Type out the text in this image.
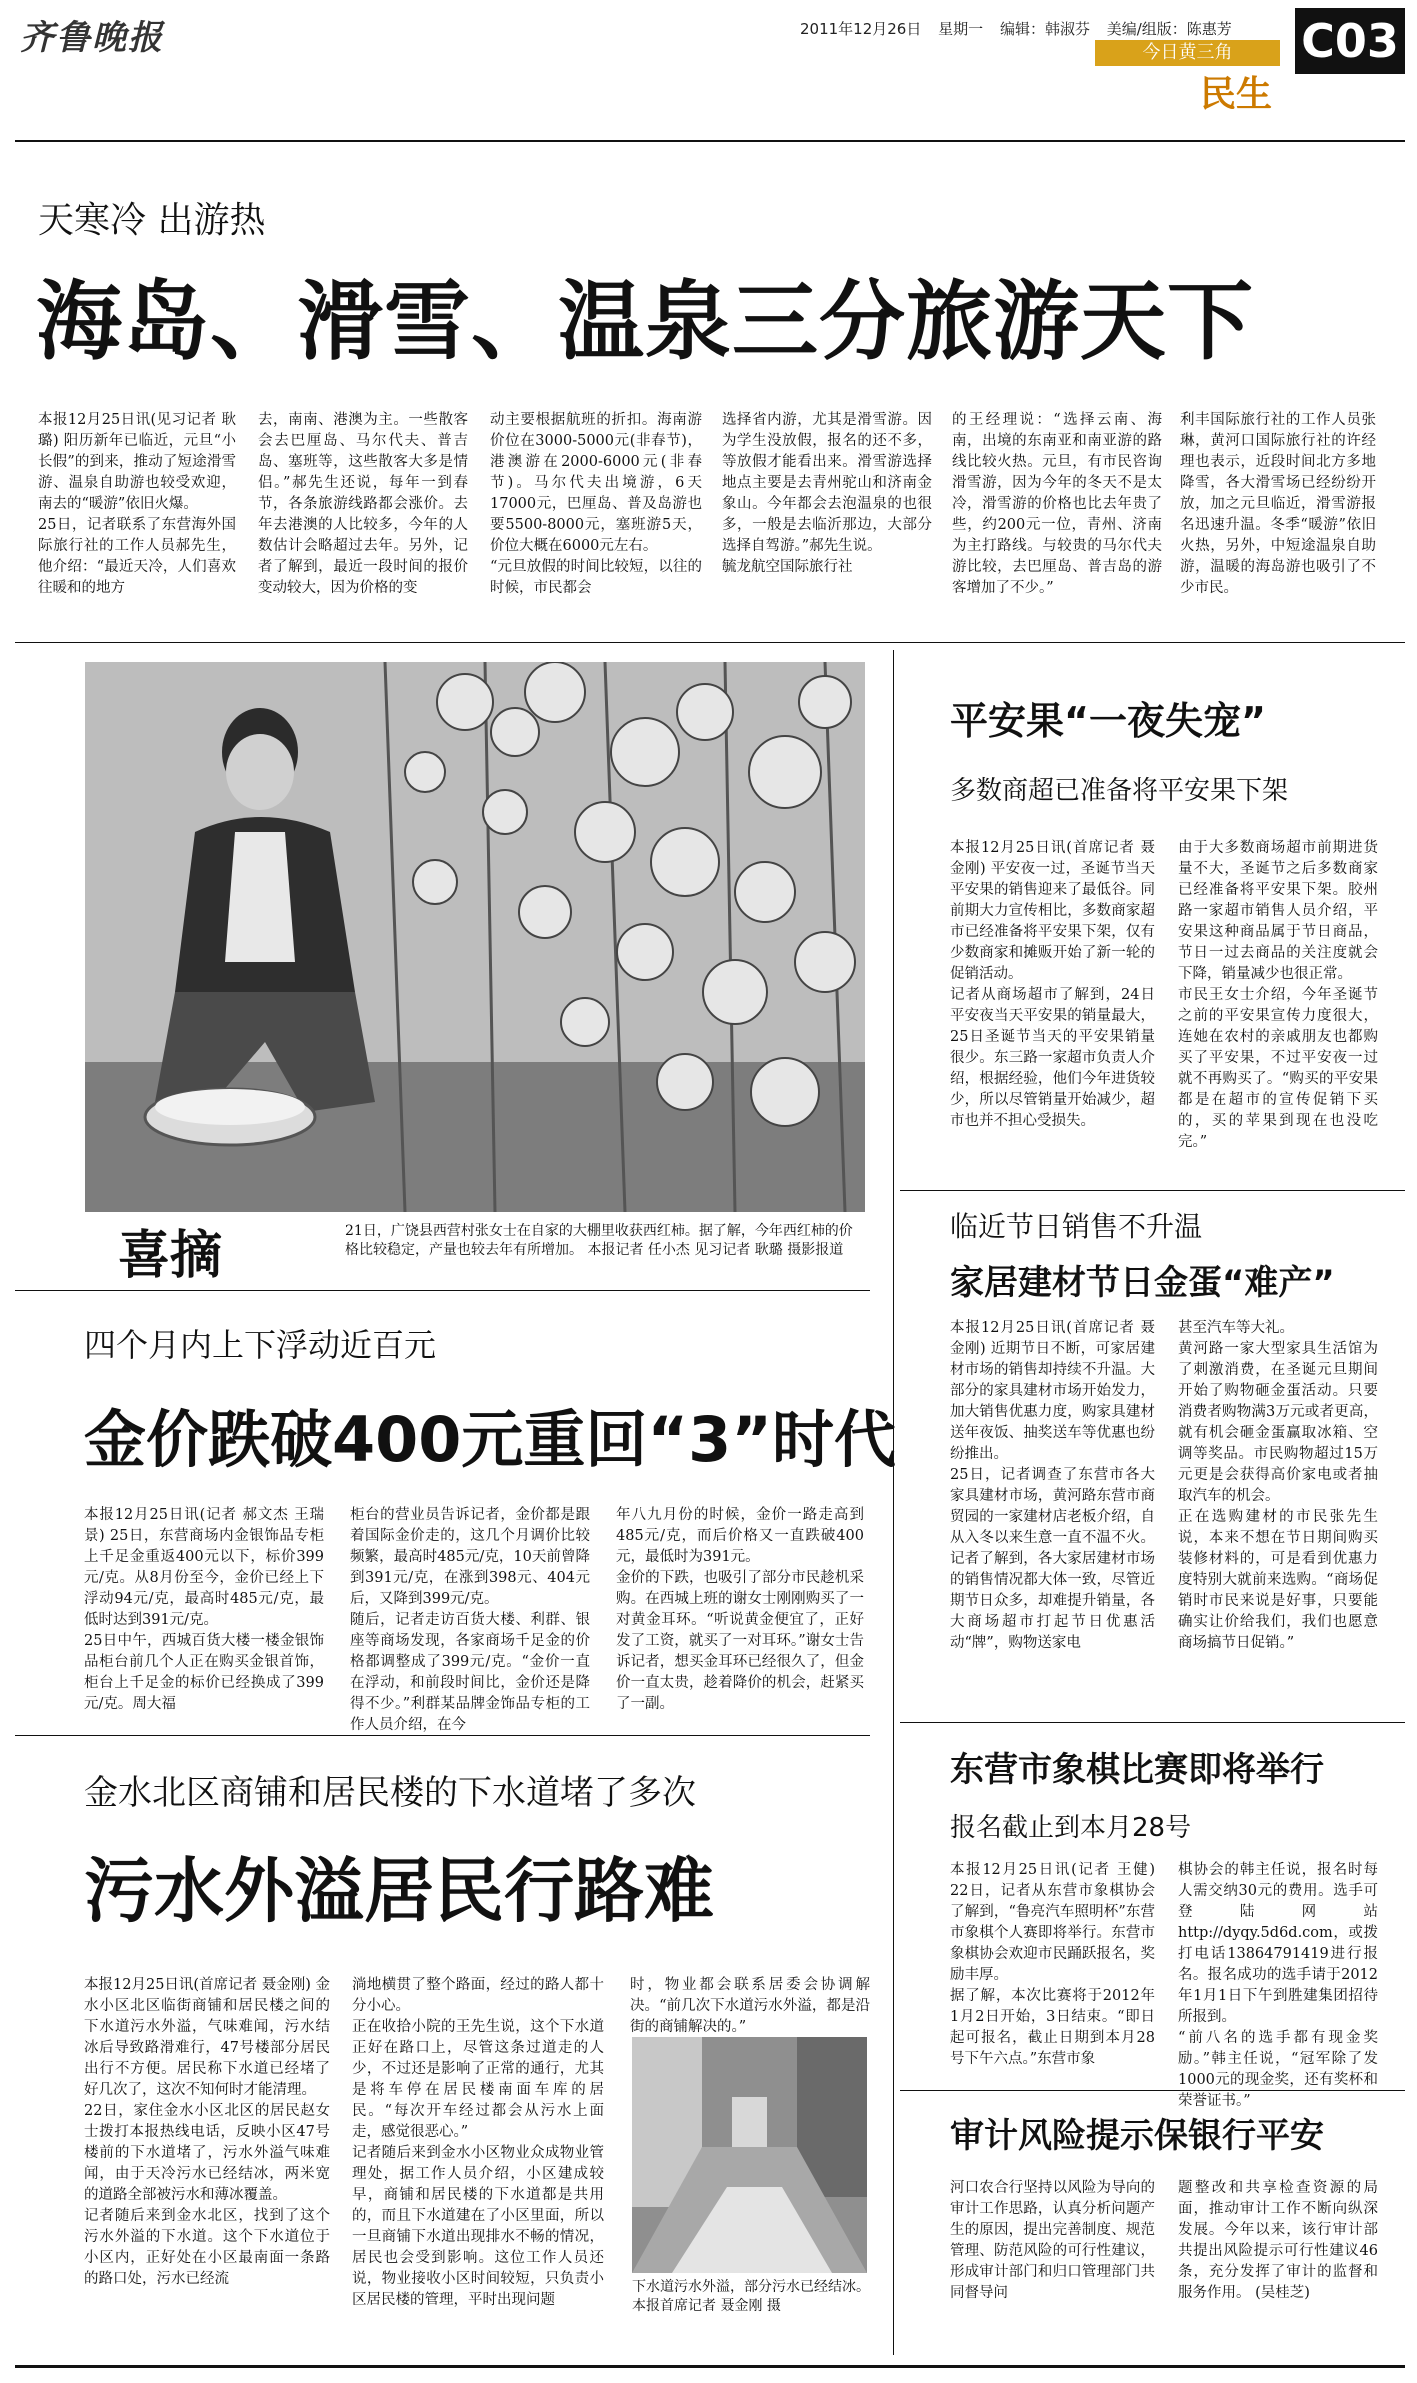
齐鲁晚报	2011年12月26日 星期一 编辑：韩淑芬 美编/组版：陈惠芳
今日黄三角
民生
C03
天寒冷 出游热
海岛、滑雪、温泉三分旅游天下
本报12月25日讯(见习记者 耿璐) 阳历新年已临近，元旦“小长假”的到来，推动了短途滑雪游、温泉自助游也较受欢迎，南去的“暖游”依旧火爆。
25日，记者联系了东营海外国际旅行社的工作人员郝先生，他介绍：“最近天冷，人们喜欢往暖和的地方
去，南南、港澳为主。一些散客会去巴厘岛、马尔代夫、普吉岛、塞班等，这些散客大多是情侣。”郝先生还说，每年一到春节，各条旅游线路都会涨价。去年去港澳的人比较多，今年的人数估计会略超过去年。另外，记者了解到，最近一段时间的报价变动较大，因为价格的变
动主要根据航班的折扣。海南游价位在3000-5000元(非春节)，港澳游在2000-6000元(非春节)。马尔代夫出境游，6天17000元，巴厘岛、普及岛游也要5500-8000元，塞班游5天，价位大概在6000元左右。
“元旦放假的时间比较短，以往的时候，市民都会
选择省内游，尤其是滑雪游。因为学生没放假，报名的还不多，等放假才能看出来。滑雪游选择地点主要是去青州驼山和济南金象山。今年都会去泡温泉的也很多，一般是去临沂那边，大部分选择自驾游。”郝先生说。
毓龙航空国际旅行社
的王经理说：“选择云南、海南，出境的东南亚和南亚游的路线比较火热。元旦，有市民咨询滑雪游，因为今年的冬天不是太冷，滑雪游的价格也比去年贵了些，约200元一位，青州、济南为主打路线。与较贵的马尔代夫游比较，去巴厘岛、普吉岛的游客增加了不少。”
利丰国际旅行社的工作人员张琳，黄河口国际旅行社的许经理也表示，近段时间北方多地降雪，各大滑雪场已经纷纷开放，加之元旦临近，滑雪游报名迅速升温。冬季“暖游”依旧火热，另外，中短途温泉自助游，温暖的海岛游也吸引了不少市民。
21日，广饶县西营村张女士在自家的大棚里收获西红柿。据了解，今年西红柿的价格比较稳定，产量也较去年有所增加。 本报记者 任小杰 见习记者 耿璐 摄影报道
喜摘
四个月内上下浮动近百元
金价跌破400元重回“3”时代
本报12月25日讯(记者 郝文杰 王瑞景) 25日，东营商场内金银饰品专柜上千足金重返400元以下，标价399元/克。从8月份至今，金价已经上下浮动94元/克，最高时485元/克，最低时达到391元/克。
25日中午，西城百货大楼一楼金银饰品柜台前几个人正在购买金银首饰，柜台上千足金的标价已经换成了399元/克。周大福
柜台的营业员告诉记者，金价都是跟着国际金价走的，这几个月调价比较频繁，最高时485元/克，10天前曾降到391元/克，在涨到398元、404元后，又降到399元/克。
随后，记者走访百货大楼、利群、银座等商场发现，各家商场千足金的价格都调整成了399元/克。“金价一直在浮动，和前段时间比，金价还是降得不少。”利群某品牌金饰品专柜的工作人员介绍，在今
年八九月份的时候，金价一路走高到485元/克，而后价格又一直跌破400元，最低时为391元。
金价的下跌，也吸引了部分市民趁机采购。在西城上班的谢女士刚刚购买了一对黄金耳环。“听说黄金便宜了，正好发了工资，就买了一对耳环。”谢女士告诉记者，想买金耳环已经很久了，但金价一直太贵，趁着降价的机会，赶紧买了一副。
金水北区商铺和居民楼的下水道堵了多次
污水外溢居民行路难
本报12月25日讯(首席记者 聂金刚) 金水小区北区临街商铺和居民楼之间的下水道污水外溢，气味难闻，污水结冰后导致路滑难行，47号楼部分居民出行不方便。居民称下水道已经堵了好几次了，这次不知何时才能清理。
22日，家住金水小区北区的居民赵女士拨打本报热线电话，反映小区47号楼前的下水道堵了，污水外溢气味难闻，由于天冷污水已经结冰，两米宽的道路全部被污水和薄冰覆盖。
记者随后来到金水北区，找到了这个污水外溢的下水道。这个下水道位于小区内，正好处在小区最南面一条路的路口处，污水已经流
淌地横贯了整个路面，经过的路人都十分小心。
正在收拾小院的王先生说，这个下水道正好在路口上，尽管这条过道走的人少，不过还是影响了正常的通行，尤其是将车停在居民楼南面车库的居民。“每次开车经过都会从污水上面走，感觉很恶心。”
记者随后来到金水小区物业众成物业管理处，据工作人员介绍，小区建成较早，商铺和居民楼的下水道都是共用的，而且下水道建在了小区里面，所以一旦商铺下水道出现排水不畅的情况，居民也会受到影响。这位工作人员还说，物业接收小区时间较短，只负责小区居民楼的管理，平时出现问题
时，物业都会联系居委会协调解决。“前几次下水道污水外溢，都是沿街的商铺解决的。”
下水道污水外溢，部分污水已经结冰。 本报首席记者 聂金刚 摄
平安果“一夜失宠”
多数商超已准备将平安果下架
本报12月25日讯(首席记者 聂金刚) 平安夜一过，圣诞节当天平安果的销售迎来了最低谷。同前期大力宣传相比，多数商家超市已经准备将平安果下架，仅有少数商家和摊贩开始了新一轮的促销活动。
记者从商场超市了解到，24日平安夜当天平安果的销量最大，25日圣诞节当天的平安果销量很少。东三路一家超市负责人介绍，根据经验，他们今年进货较少，所以尽管销量开始减少，超市也并不担心受损失。
由于大多数商场超市前期进货量不大，圣诞节之后多数商家已经准备将平安果下架。胶州路一家超市销售人员介绍，平安果这种商品属于节日商品，节日一过去商品的关注度就会下降，销量减少也很正常。
市民王女士介绍，今年圣诞节之前的平安果宣传力度很大，连她在农村的亲戚朋友也都购买了平安果，不过平安夜一过就不再购买了。“购买的平安果都是在超市的宣传促销下买的，买的苹果到现在也没吃完。”
临近节日销售不升温
家居建材节日金蛋“难产”
本报12月25日讯(首席记者 聂金刚) 近期节日不断，可家居建材市场的销售却持续不升温。大部分的家具建材市场开始发力，加大销售优惠力度，购家具建材送年夜饭、抽奖送车等优惠也纷纷推出。
25日，记者调查了东营市各大家具建材市场，黄河路东营市商贸园的一家建材店老板介绍，自从入冬以来生意一直不温不火。记者了解到，各大家居建材市场的销售情况都大体一致，尽管近期节日众多，却难提升销量，各大商场超市打起节日优惠活动“牌”，购物送家电
甚至汽车等大礼。
黄河路一家大型家具生活馆为了刺激消费，在圣诞元旦期间开始了购物砸金蛋活动。只要消费者购物满3万元或者更高，就有机会砸金蛋赢取冰箱、空调等奖品。市民购物超过15万元更是会获得高价家电或者抽取汽车的机会。
正在选购建材的市民张先生说，本来不想在节日期间购买装修材料的，可是看到优惠力度特别大就前来选购。“商场促销时市民来说是好事，只要能确实让价给我们，我们也愿意商场搞节日促销。”
东营市象棋比赛即将举行
报名截止到本月28号
本报12月25日讯(记者 王健) 22日，记者从东营市象棋协会了解到，“鲁亮汽车照明杯”东营市象棋个人赛即将举行。东营市象棋协会欢迎市民踊跃报名，奖励丰厚。
据了解，本次比赛将于2012年1月2日开始，3日结束。“即日起可报名，截止日期到本月28号下午六点。”东营市象
棋协会的韩主任说，报名时每人需交纳30元的费用。选手可登陆网站http://dyqy.5d6d.com，或拨打电话13864791419进行报名。报名成功的选手请于2012年1月1日下午到胜建集团招待所报到。
“前八名的选手都有现金奖励。”韩主任说，“冠军除了发1000元的现金奖，还有奖杯和荣誉证书。”
审计风险提示保银行平安
河口农合行坚持以风险为导向的审计工作思路，认真分析问题产生的原因，提出完善制度、规范管理、防范风险的可行性建议，形成审计部门和归口管理部门共同督导问
题整改和共享检查资源的局面，推动审计工作不断向纵深发展。今年以来，该行审计部共提出风险提示可行性建议46条，充分发挥了审计的监督和服务作用。 (吴桂芝)
